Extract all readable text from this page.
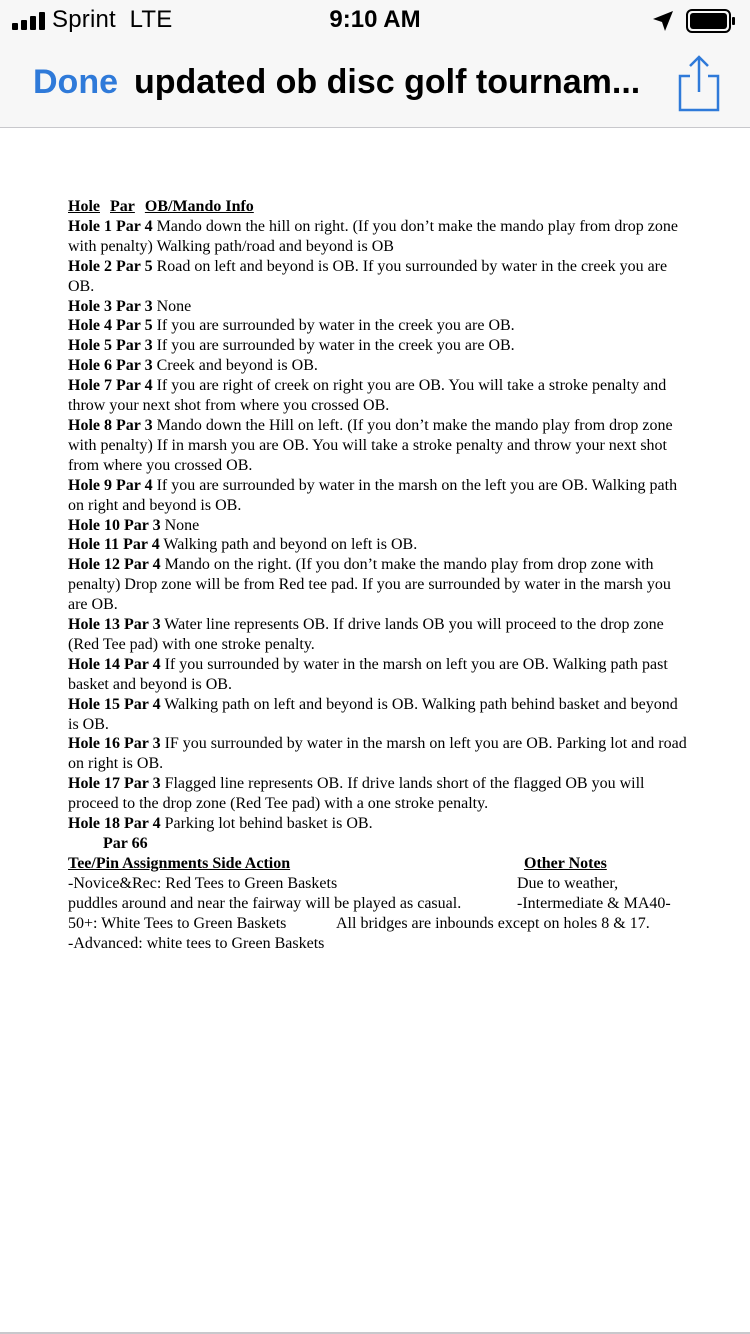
Sprint LTE	9:10 AM
Done updated ob disc golf tournam...

Hole Par OB/Mando Info

Hole 1 Par 4 Mando down the hill on right. (If you don’t make the mando play from drop zone with penalty) Walking path/road and beyond is OB

Hole 2 Par 5 Road on left and beyond is OB. If you surrounded by water in the creek you are OB.

Hole 3 Par 3 None

Hole 4 Par 5 If you are surrounded by water in the creek you are OB.

Hole 5 Par 3 If you are surrounded by water in the creek you are OB.

Hole 6 Par 3 Creek and beyond is OB.

Hole 7 Par 4 If you are right of creek on right you are OB. You will take a stroke penalty and throw your next shot from where you crossed OB.

Hole 8 Par 3 Mando down the Hill on left. (If you don’t make the mando play from drop zone with penalty) If in marsh you are OB. You will take a stroke penalty and throw your next shot from where you crossed OB.

Hole 9 Par 4 If you are surrounded by water in the marsh on the left you are OB. Walking path on right and beyond is OB.

Hole 10 Par 3 None

Hole 11 Par 4 Walking path and beyond on left is OB.

Hole 12 Par 4 Mando on the right. (If you don’t make the mando play from drop zone with penalty) Drop zone will be from Red tee pad. If you are surrounded by water in the marsh you are OB.

Hole 13 Par 3 Water line represents OB. If drive lands OB you will proceed to the drop zone (Red Tee pad) with one stroke penalty.

Hole 14 Par 4 If you surrounded by water in the marsh on left you are OB. Walking path past basket and beyond is OB.

Hole 15 Par 4 Walking path on left and beyond is OB. Walking path behind basket and beyond is OB.

Hole 16 Par 3 IF you surrounded by water in the marsh on left you are OB. Parking lot and road on right is OB.

Hole 17 Par 3 Flagged line represents OB. If drive lands short of the flagged OB you will proceed to the drop zone (Red Tee pad) with a one stroke penalty.

Hole 18 Par 4 Parking lot behind basket is OB.

Par 66

Tee/Pin Assignments Side Action	Other Notes
-Novice&Rec: Red Tees to Green Baskets	Due to weather,
puddles around and near the fairway will be played as casual.	-Intermediate & MA40-
50+: White Tees to Green Baskets	All bridges are inbounds except on holes 8 & 17.
-Advanced: white tees to Green Baskets
